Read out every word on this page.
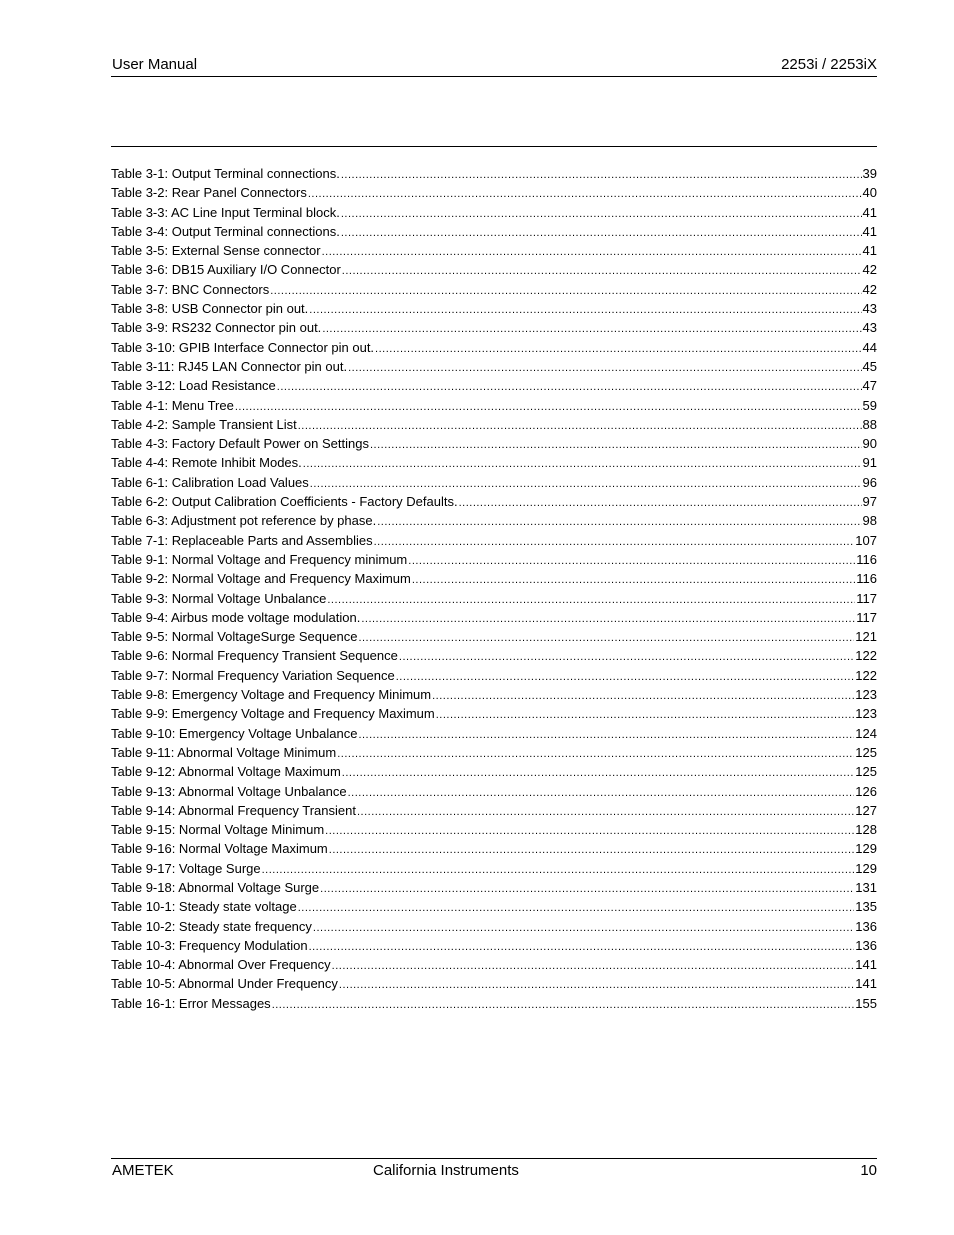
User Manual	2253i / 2253iX
Table 3-1: Output Terminal connections. .....	39
Table 3-2: Rear Panel Connectors .....	40
Table 3-3: AC Line Input Terminal block. .....	41
Table 3-4: Output Terminal connections. .....	41
Table 3-5: External Sense connector .....	41
Table 3-6: DB15 Auxiliary I/O Connector .....	42
Table 3-7: BNC Connectors .....	42
Table 3-8: USB Connector pin out. .....	43
Table 3-9: RS232 Connector pin out. .....	43
Table 3-10: GPIB Interface Connector pin out. .....	44
Table 3-11: RJ45 LAN Connector pin out. .....	45
Table 3-12: Load Resistance .....	47
Table 4-1: Menu Tree .....	59
Table 4-2: Sample Transient List .....	88
Table 4-3: Factory Default Power on Settings .....	90
Table 4-4: Remote Inhibit Modes. .....	91
Table 6-1: Calibration Load Values .....	96
Table 6-2: Output Calibration Coefficients - Factory Defaults. .....	97
Table 6-3: Adjustment pot reference by phase. .....	98
Table 7-1: Replaceable Parts and Assemblies .....	107
Table 9-1: Normal Voltage and Frequency minimum .....	116
Table 9-2: Normal Voltage and Frequency Maximum .....	116
Table 9-3: Normal Voltage Unbalance .....	117
Table 9-4: Airbus mode voltage modulation. .....	117
Table 9-5: Normal VoltageSurge Sequence .....	121
Table 9-6: Normal Frequency Transient Sequence .....	122
Table 9-7: Normal Frequency Variation Sequence .....	122
Table 9-8: Emergency Voltage and Frequency Minimum .....	123
Table 9-9: Emergency Voltage and Frequency Maximum .....	123
Table 9-10: Emergency Voltage Unbalance .....	124
Table 9-11: Abnormal Voltage Minimum .....	125
Table 9-12: Abnormal Voltage Maximum .....	125
Table 9-13: Abnormal Voltage Unbalance .....	126
Table 9-14: Abnormal Frequency Transient .....	127
Table 9-15: Normal Voltage Minimum .....	128
Table 9-16: Normal Voltage Maximum .....	129
Table 9-17: Voltage Surge .....	129
Table 9-18: Abnormal Voltage Surge .....	131
Table 10-1: Steady state voltage .....	135
Table 10-2: Steady state frequency .....	136
Table 10-3: Frequency Modulation .....	136
Table 10-4: Abnormal Over Frequency .....	141
Table 10-5: Abnormal Under Frequency .....	141
Table 16-1: Error Messages .....	155
AMETEK	California Instruments	10
